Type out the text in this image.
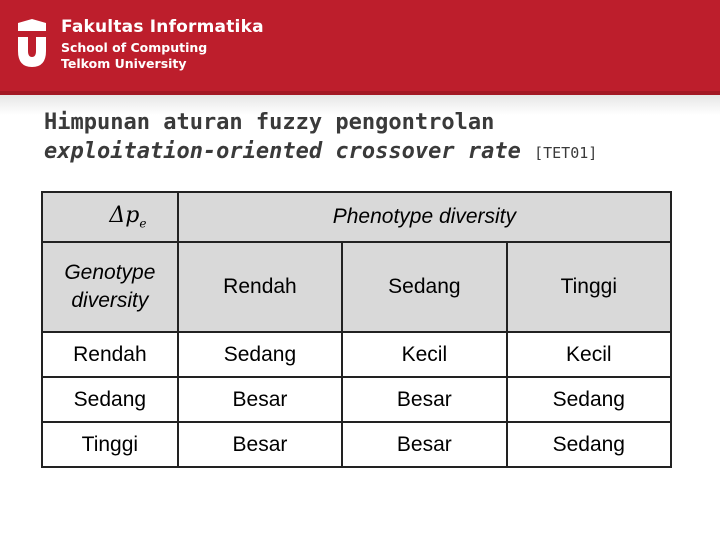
Fakultas Informatika
School of Computing
Telkom University
Himpunan aturan fuzzy pengontrolan
exploitation-oriented crossover rate [TET01]
$\Delta p_e$	Phenotype diversity		
Genotype diversity	Rendah	Sedang	Tinggi
Rendah	Sedang	Kecil	Kecil
Sedang	Besar	Besar	Sedang
Tinggi	Besar	Besar	Sedang
